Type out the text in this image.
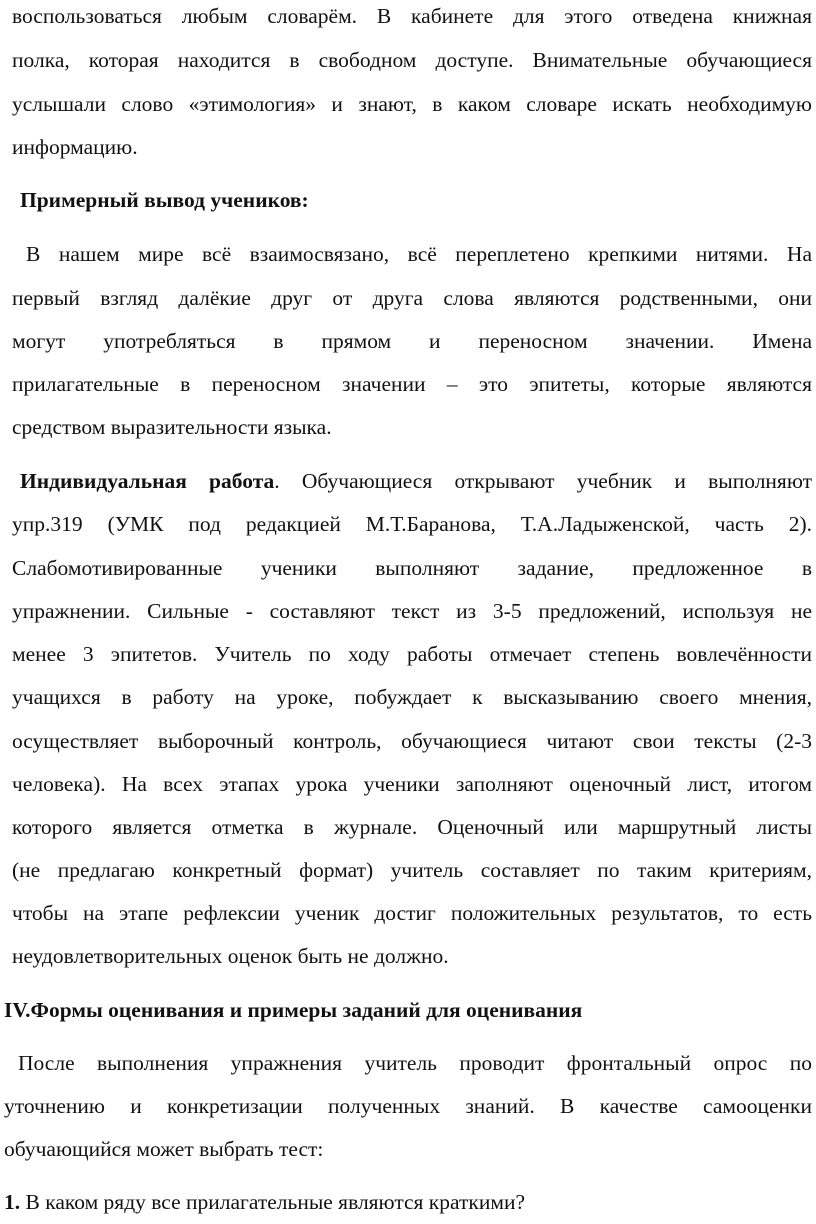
воспользоваться любым словарём. В кабинете для этого отведена книжная
полка, которая находится в свободном доступе. Внимательные обучающиеся
услышали слово «этимология» и знают, в каком словаре искать необходимую
информацию.
Примерный вывод учеников:
В нашем мире всё взаимосвязано, всё переплетено крепкими нитями. На
первый взгляд далёкие друг от друга слова являются родственными, они
могут употребляться в прямом и переносном значении. Имена
прилагательные в переносном значении – это эпитеты, которые являются
средством выразительности языка.
Индивидуальная работа. Обучающиеся открывают учебник и выполняют
упр.319 (УМК под редакцией М.Т.Баранова, Т.А.Ладыженской, часть 2).
Слабомотивированные ученики выполняют задание, предложенное в
упражнении. Сильные - составляют текст из 3-5 предложений, используя не
менее 3 эпитетов. Учитель по ходу работы отмечает степень вовлечённости
учащихся в работу на уроке, побуждает к высказыванию своего мнения,
осуществляет выборочный контроль, обучающиеся читают свои тексты (2-3
человека). На всех этапах урока ученики заполняют оценочный лист, итогом
которого является отметка в журнале. Оценочный или маршрутный листы
(не предлагаю конкретный формат) учитель составляет по таким критериям,
чтобы на этапе рефлексии ученик достиг положительных результатов, то есть
неудовлетворительных оценок быть не должно.
IV.Формы оценивания и примеры заданий для оценивания
После выполнения упражнения учитель проводит фронтальный опрос по
уточнению и конкретизации полученных знаний. В качестве самооценки
обучающийся может выбрать тест:
1. В каком ряду все прилагательные являются краткими?
